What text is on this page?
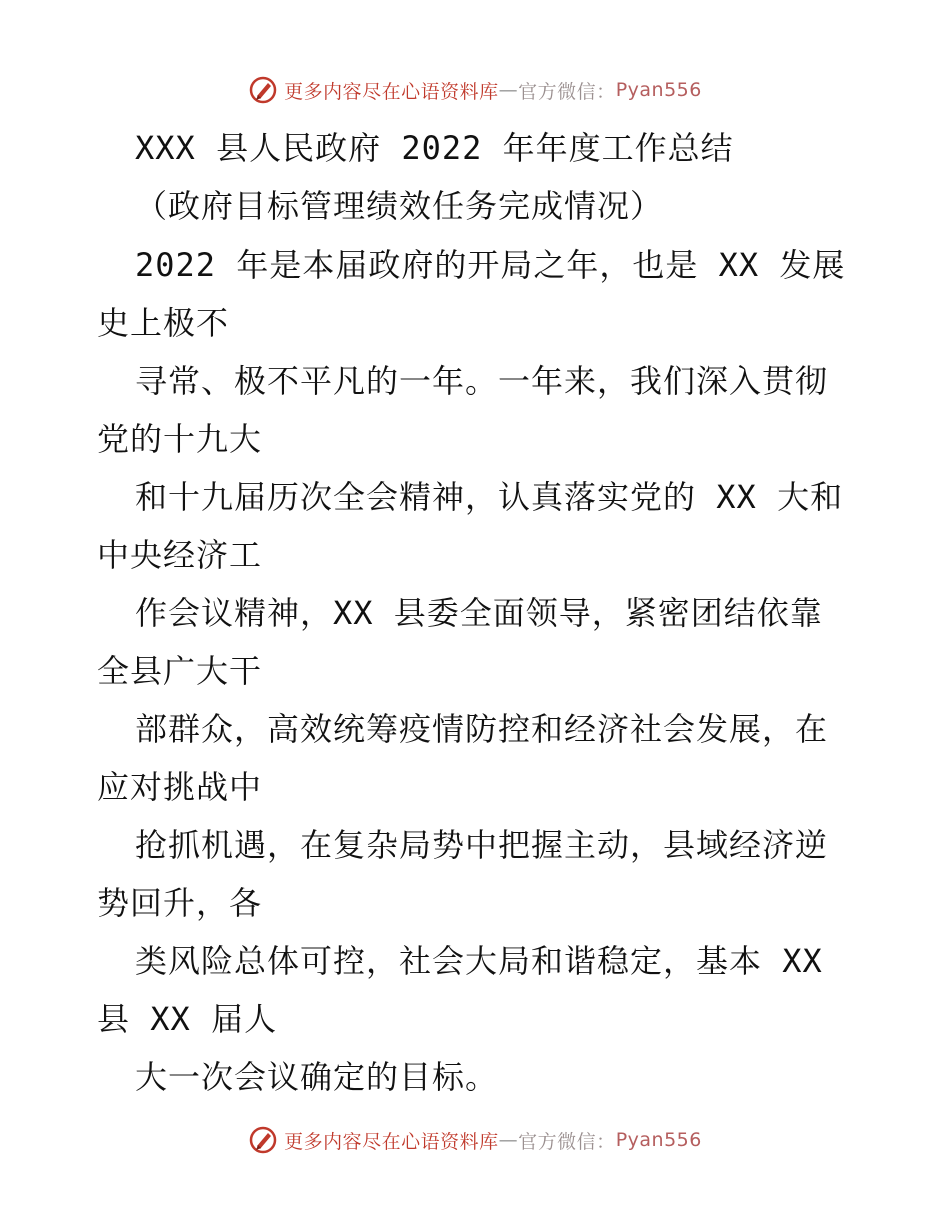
更多内容尽在心语资料库 — 官方微信： Pyan556
XXX 县人民政府 2022 年年度工作总结
（政府目标管理绩效任务完成情况）
2022 年是本届政府的开局之年，也是 XX 发展
史上极不
寻常、极不平凡的一年。一年来，我们深入贯彻
党的十九大
和十九届历次全会精神，认真落实党的 XX 大和
中央经济工
作会议精神，XX 县委全面领导，紧密团结依靠
全县广大干
部群众，高效统筹疫情防控和经济社会发展，在
应对挑战中
抢抓机遇，在复杂局势中把握主动，县域经济逆
势回升，各
类风险总体可控，社会大局和谐稳定，基本 XX
县 XX 届人
大一次会议确定的目标。
更多内容尽在心语资料库 — 官方微信： Pyan556
